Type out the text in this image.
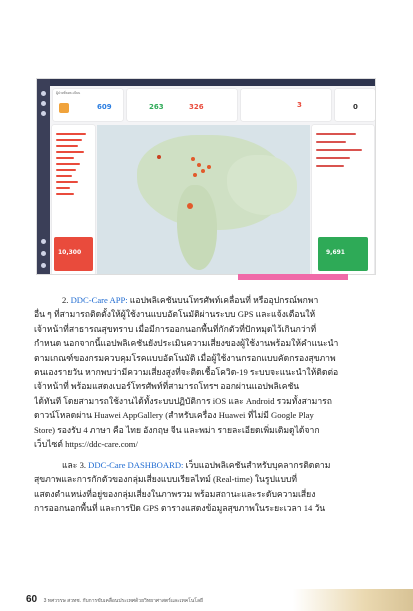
ผู้ป่วยที่ลงทะเบียน
609	263	326	3	0
10,300	9,691
2. DDC-Care APP: แอปพลิเคชันบนโทรศัพท์เคลื่อนที่ หรืออุปกรณ์พกพา
อื่น ๆ ที่สามารถติดตั้งให้ผู้ใช้งานแบบอัตโนมัติผ่านระบบ GPS และแจ้งเตือนให้
เจ้าหน้าที่สาธารณสุขทราบ เมื่อมีการออกนอกพื้นที่กักตัวที่ปักหมุดไว้เกินกว่าที่
กำหนด นอกจากนี้แอปพลิเคชันยังประเมินความเสี่ยงของผู้ใช้งานพร้อมให้คำแนะนำ
ตามเกณฑ์ของกรมควบคุมโรคแบบอัตโนมัติ เมื่อผู้ใช้งานกรอกแบบคัดกรองสุขภาพ
ตนเองรายวัน หากพบว่ามีความเสี่ยงสูงที่จะติดเชื้อโควิด-19 ระบบจะแนะนำให้ติดต่อ
เจ้าหน้าที่ พร้อมแสดงเบอร์โทรศัพท์ที่สามารถโทรฯ ออกผ่านแอปพลิเคชัน
ได้ทันที โดยสามารถใช้งานได้ทั้งระบบปฏิบัติการ iOS และ Android รวมทั้งสามารถ
ดาวน์โหลดผ่าน Huawei AppGallery (สำหรับเครื่อง Huawei ที่ไม่มี Google Play
Store) รองรับ 4 ภาษา คือ ไทย อังกฤษ จีน และพม่า รายละเอียดเพิ่มเติมดูได้จาก
เว็บไซต์ https://ddc-care.com/
และ 3. DDC-Care DASHBOARD: เว็บแอปพลิเคชันสำหรับบุคลากรติดตาม
สุขภาพและการกักตัวของกลุ่มเสี่ยงแบบเรียลไทม์ (Real-time) ในรูปแบบที่
แสดงตำแหน่งที่อยู่ของกลุ่มเสี่ยงในภาพรวม พร้อมสถานะและระดับความเสี่ยง
การออกนอกพื้นที่ และการปิด GPS ตารางแสดงข้อมูลสุขภาพในระยะเวลา 14 วัน
60 3 ทศวรรษ สวทช. กับการขับเคลื่อนประเทศด้วยวิทยาศาสตร์และเทคโนโลยี
